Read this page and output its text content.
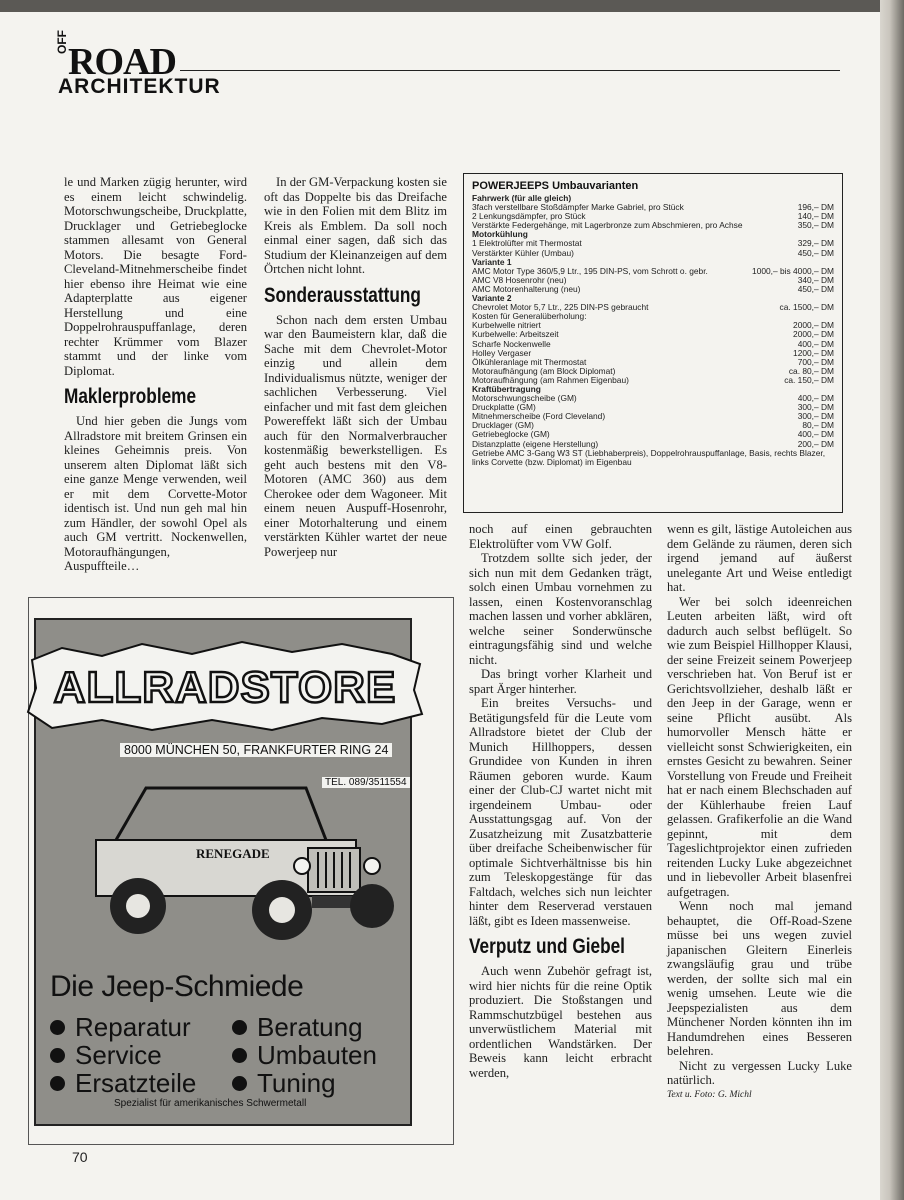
OFF ROAD
ARCHITEKTUR

le und Marken zügig herunter, wird es einem leicht schwindelig. Motorschwungscheibe, Druckplatte, Drucklager und Getriebeglocke stammen allesamt von General Motors. Die besagte Ford-Cleveland-Mitnehmerscheibe findet hier ebenso ihre Heimat wie eine Adapterplatte aus eigener Herstellung und eine Doppelrohrauspuffanlage, deren rechter Krümmer vom Blazer stammt und der linke vom Diplomat.

Maklerprobleme

Und hier geben die Jungs vom Allradstore mit breitem Grinsen ein kleines Geheimnis preis. Von unserem alten Diplomat läßt sich eine ganze Menge verwenden, weil er mit dem Corvette-Motor identisch ist. Und nun geh mal hin zum Händler, der sowohl Opel als auch GM vertritt. Nockenwellen, Motoraufhängungen, Auspuffteile…

In der GM-Verpackung kosten sie oft das Doppelte bis das Dreifache wie in den Folien mit dem Blitz im Kreis als Emblem. Da soll noch einmal einer sagen, daß sich das Studium der Kleinanzeigen auf dem Örtchen nicht lohnt.

Sonderausstattung

Schon nach dem ersten Umbau war den Baumeistern klar, daß die Sache mit dem Chevrolet-Motor einzig und allein dem Individualismus nützte, weniger der sachlichen Verbesserung. Viel einfacher und mit fast dem gleichen Powereffekt läßt sich der Umbau auch für den Normalverbraucher kostenmäßig bewerkstelligen. Es geht auch bestens mit den V8-Motoren (AMC 360) aus dem Cherokee oder dem Wagoneer. Mit einem neuen Auspuff-Hosenrohr, einer Motorhalterung und einem verstärkten Kühler wartet der neue Powerjeep nur

POWERJEEPS Umbauvarianten
Fahrwerk (für alle gleich)
3fach verstellbare Stoßdämpfer Marke Gabriel, pro Stück	196,– DM
2 Lenkungsdämpfer, pro Stück	140,– DM
Verstärkte Federgehänge, mit Lagerbronze zum Abschmieren, pro Achse	350,– DM
Motorkühlung
1 Elektrolüfter mit Thermostat	329,– DM
Verstärkter Kühler (Umbau)	450,– DM
Variante 1
AMC Motor Type 360/5,9 Ltr., 195 DIN-PS, vom Schrott o. gebr.	1000,– bis 4000,– DM
AMC V8 Hosenrohr (neu)	340,– DM
AMC Motorenhalterung (neu)	450,– DM
Variante 2
Chevrolet Motor 5,7 Ltr., 225 DIN-PS gebraucht	ca. 1500,– DM
Kosten für Generalüberholung:
Kurbelwelle nitriert	2000,– DM
Kurbelwelle: Arbeitszeit	2000,– DM
Scharfe Nockenwelle	400,– DM
Holley Vergaser	1200,– DM
Ölkühleranlage mit Thermostat	700,– DM
Motoraufhängung (am Block Diplomat)	ca. 80,– DM
Motoraufhängung (am Rahmen Eigenbau)	ca. 150,– DM
Kraftübertragung
Motorschwungscheibe (GM)	400,– DM
Druckplatte (GM)	300,– DM
Mitnehmerscheibe (Ford Cleveland)	300,– DM
Drucklager (GM)	80,– DM
Getriebeglocke (GM)	400,– DM
Distanzplatte (eigene Herstellung)	200,– DM
Getriebe AMC 3-Gang W3 ST (Liebhaberpreis), Doppelrohrauspuffanlage, Basis, rechts Blazer, links Corvette (bzw. Diplomat) im Eigenbau

noch auf einen gebrauchten Elektrolüfter vom VW Golf.

Trotzdem sollte sich jeder, der sich nun mit dem Gedanken trägt, solch einen Umbau vornehmen zu lassen, einen Kostenvoranschlag machen lassen und vorher abklären, welche seiner Sonderwünsche eintragungsfähig sind und welche nicht.

Das bringt vorher Klarheit und spart Ärger hinterher.

Ein breites Versuchs- und Betätigungsfeld für die Leute vom Allradstore bietet der Club der Munich Hillhoppers, dessen Grundidee von Kunden in ihren Räumen geboren wurde. Kaum einer der Club-CJ wartet nicht mit irgendeinem Umbau- oder Ausstattungsgag auf. Von der Zusatzheizung mit Zusatzbatterie über dreifache Scheibenwischer für optimale Sichtverhältnisse bis hin zum Teleskopgestänge für das Faltdach, welches sich nun leichter hinter dem Reserverad verstauen läßt, gibt es Ideen massenweise.

Verputz und Giebel

Auch wenn Zubehör gefragt ist, wird hier nichts für die reine Optik produziert. Die Stoßstangen und Rammschutzbügel bestehen aus unverwüstlichem Material mit ordentlichen Wandstärken. Der Beweis kann leicht erbracht werden,

wenn es gilt, lästige Autoleichen aus dem Gelände zu räumen, deren sich irgend jemand auf äußerst unelegante Art und Weise entledigt hat.

Wer bei solch ideenreichen Leuten arbeiten läßt, wird oft dadurch auch selbst beflügelt. So wie zum Beispiel Hillhopper Klausi, der seine Freizeit seinem Powerjeep verschrieben hat. Von Beruf ist er Gerichtsvollzieher, deshalb läßt er den Jeep in der Garage, wenn er seine Pflicht ausübt. Als humorvoller Mensch hätte er vielleicht sonst Schwierigkeiten, ein ernstes Gesicht zu bewahren. Seiner Vorstellung von Freude und Freiheit hat er nach einem Blechschaden auf der Kühlerhaube freien Lauf gelassen. Grafikerfolie an die Wand gepinnt, mit dem Tageslichtprojektor einen zufrieden reitenden Lucky Luke abgezeichnet und in liebevoller Arbeit blasenfrei aufgetragen.

Wenn noch mal jemand behauptet, die Off-Road-Szene müsse bei uns wegen zuviel japanischen Gleitern Einerleis zwangsläufig grau und trübe werden, der sollte sich mal ein wenig umsehen. Leute wie die Jeepspezialisten aus dem Münchener Norden könnten ihn im Handumdrehen eines Besseren belehren.

Nicht zu vergessen Lucky Luke natürlich.

Text u. Foto: G. Michl

ALLRADSTORE
8000 MÜNCHEN 50, FRANKFURTER RING 24
TEL. 089/3511554
RENEGADE
Die Jeep-Schmiede
Reparatur	Beratung
Service	Umbauten
Ersatzteile	Tuning
Spezialist für amerikanisches Schwermetall
70
